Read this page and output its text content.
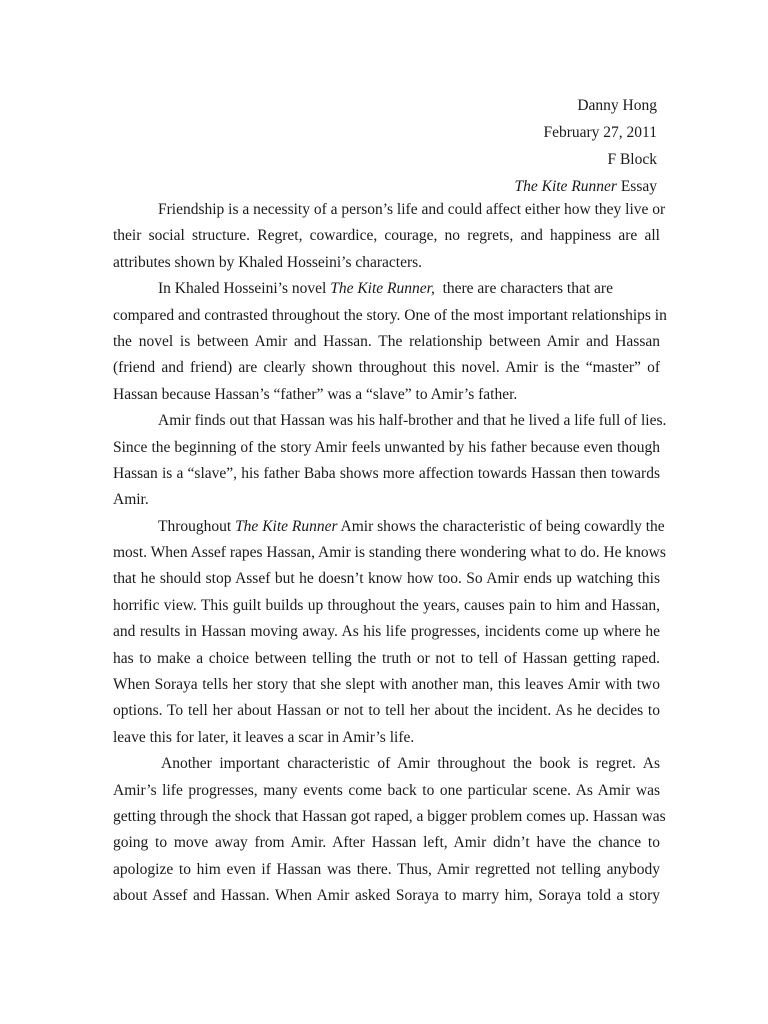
Danny Hong
February 27, 2011
F Block
The Kite Runner Essay
Friendship is a necessity of a person’s life and could affect either how they live or
their social structure. Regret, cowardice, courage, no regrets, and happiness are all
attributes shown by Khaled Hosseini’s characters.
In Khaled Hosseini’s novel The Kite Runner,  there are characters that are
compared and contrasted throughout the story. One of the most important relationships in
the novel is between Amir and Hassan. The relationship between Amir and Hassan
(friend and friend) are clearly shown throughout this novel. Amir is the “master” of
Hassan because Hassan’s “father” was a “slave” to Amir’s father.
Amir finds out that Hassan was his half-brother and that he lived a life full of lies.
Since the beginning of the story Amir feels unwanted by his father because even though
Hassan is a “slave”, his father Baba shows more affection towards Hassan then towards
Amir.
Throughout The Kite Runner Amir shows the characteristic of being cowardly the
most. When Assef rapes Hassan, Amir is standing there wondering what to do. He knows
that he should stop Assef but he doesn’t know how too. So Amir ends up watching this
horrific view. This guilt builds up throughout the years, causes pain to him and Hassan,
and results in Hassan moving away. As his life progresses, incidents come up where he
has to make a choice between telling the truth or not to tell of Hassan getting raped.
When Soraya tells her story that she slept with another man, this leaves Amir with two
options. To tell her about Hassan or not to tell her about the incident. As he decides to
leave this for later, it leaves a scar in Amir’s life.
Another important characteristic of Amir throughout the book is regret. As
Amir’s life progresses, many events come back to one particular scene. As Amir was
getting through the shock that Hassan got raped, a bigger problem comes up. Hassan was
going to move away from Amir. After Hassan left, Amir didn’t have the chance to
apologize to him even if Hassan was there. Thus, Amir regretted not telling anybody
about Assef and Hassan. When Amir asked Soraya to marry him, Soraya told a story
